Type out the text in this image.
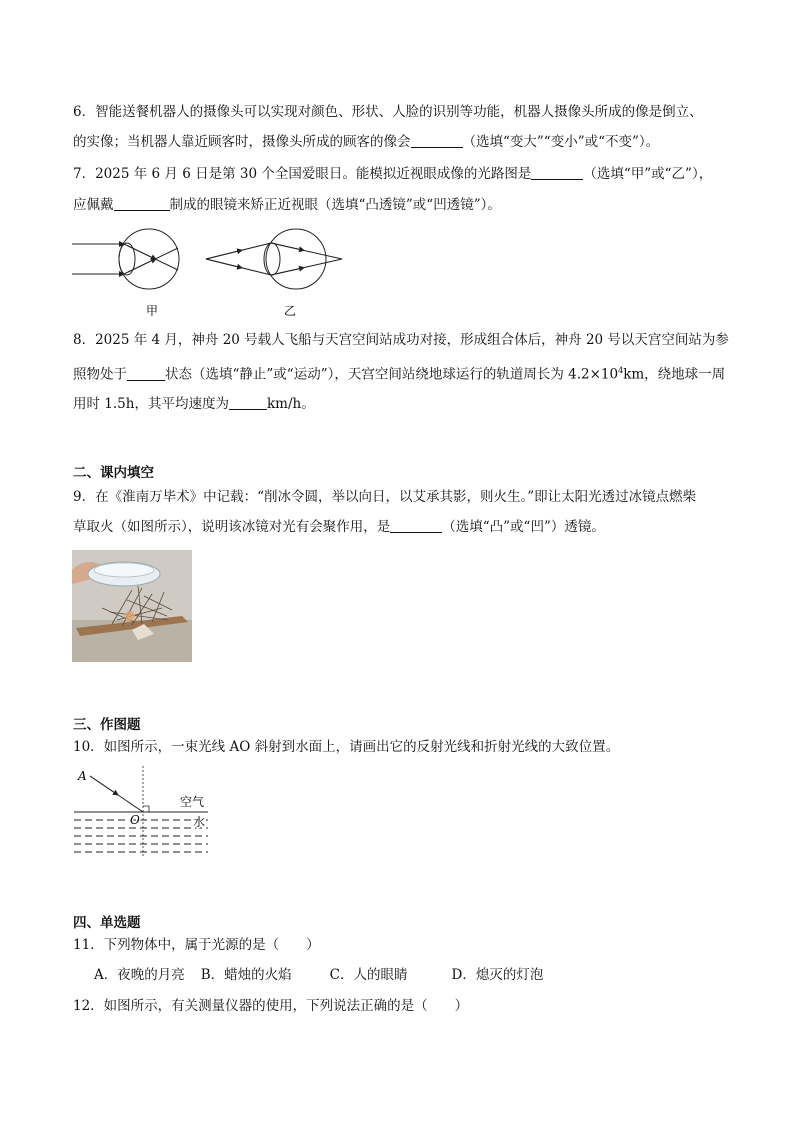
6．智能送餐机器人的摄像头可以实现对颜色、形状、人脸的识别等功能，机器人摄像头所成的像是倒立、
的实像；当机器人靠近顾客时，摄像头所成的顾客的像会	（选填“变大”“变小”或“不变”）。
7．2025 年 6 月 6 日是第 30 个全国爱眼日。能模拟近视眼成像的光路图是	（选填“甲”或“乙”），
应佩戴	制成的眼镜来矫正近视眼（选填“凸透镜”或“凹透镜”）。
甲	乙
8．2025 年 4 月，神舟 20 号载人飞船与天宫空间站成功对接，形成组合体后，神舟 20 号以天宫空间站为参
照物处于	状态（选填“静止”或“运动”），天宫空间站绕地球运行的轨道周长为 $4.2\times 10^4km$，绕地球一周
用时 1.5h，其平均速度为	km/h。
二、课内填空
9．在《淮南万毕术》中记载：“削冰令圆，举以向日，以艾承其影，则火生。”即让太阳光透过冰镜点燃柴
草取火（如图所示），说明该冰镜对光有会聚作用，是	（选填“凸”或“凹”）透镜。
三、作图题
10．如图所示，一束光线 AO 斜射到水面上，请画出它的反射光线和折射光线的大致位置。
A
O
空气
水
四、单选题
11．下列物体中，属于光源的是（　　）
A．夜晚的月亮 B．蜡烛的火焰	C．人的眼睛	D．熄灭的灯泡
12．如图所示，有关测量仪器的使用，下列说法正确的是（　　）
